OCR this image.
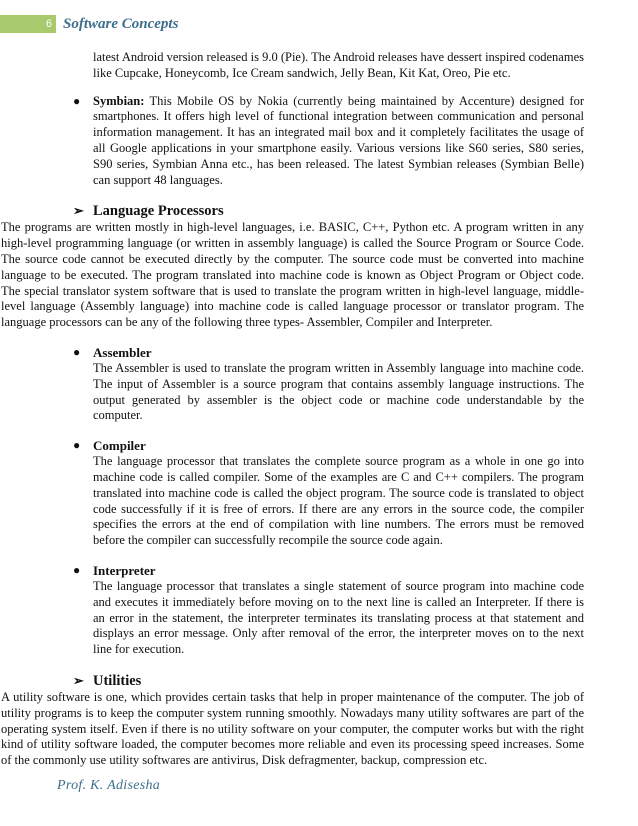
6 Software Concepts

latest Android version released is 9.0 (Pie). The Android releases have dessert inspired codenames like Cupcake, Honeycomb, Ice Cream sandwich, Jelly Bean, Kit Kat, Oreo, Pie etc.

● Symbian: This Mobile OS by Nokia (currently being maintained by Accenture) designed for smartphones. It offers high level of functional integration between communication and personal information management. It has an integrated mail box and it completely facilitates the usage of all Google applications in your smartphone easily. Various versions like S60 series, S80 series, S90 series, Symbian Anna etc., has been released. The latest Symbian releases (Symbian Belle) can support 48 languages.

➢ Language Processors

The programs are written mostly in high-level languages, i.e. BASIC, C++, Python etc. A program written in any high-level programming language (or written in assembly language) is called the Source Program or Source Code. The source code cannot be executed directly by the computer. The source code must be converted into machine language to be executed. The program translated into machine code is known as Object Program or Object code. The special translator system software that is used to translate the program written in high-level language, middle- level language (Assembly language) into machine code is called language processor or translator program. The language processors can be any of the following three types- Assembler, Compiler and Interpreter.

● Assembler

The Assembler is used to translate the program written in Assembly language into machine code. The input of Assembler is a source program that contains assembly language instructions. The output generated by assembler is the object code or machine code understandable by the computer.

● Compiler

The language processor that translates the complete source program as a whole in one go into machine code is called compiler. Some of the examples are C and C++ compilers. The program translated into machine code is called the object program. The source code is translated to object code successfully if it is free of errors. If there are any errors in the source code, the compiler specifies the errors at the end of compilation with line numbers. The errors must be removed before the compiler can successfully recompile the source code again.

● Interpreter

The language processor that translates a single statement of source program into machine code and executes it immediately before moving on to the next line is called an Interpreter. If there is an error in the statement, the interpreter terminates its translating process at that statement and displays an error message. Only after removal of the error, the interpreter moves on to the next line for execution.

➢ Utilities

A utility software is one, which provides certain tasks that help in proper maintenance of the computer. The job of utility programs is to keep the computer system running smoothly. Nowadays many utility softwares are part of the operating system itself. Even if there is no utility software on your computer, the computer works but with the right kind of utility software loaded, the computer becomes more reliable and even its processing speed increases. Some of the commonly use utility softwares are antivirus, Disk defragmenter, backup, compression etc.

Prof. K. Adisesha
